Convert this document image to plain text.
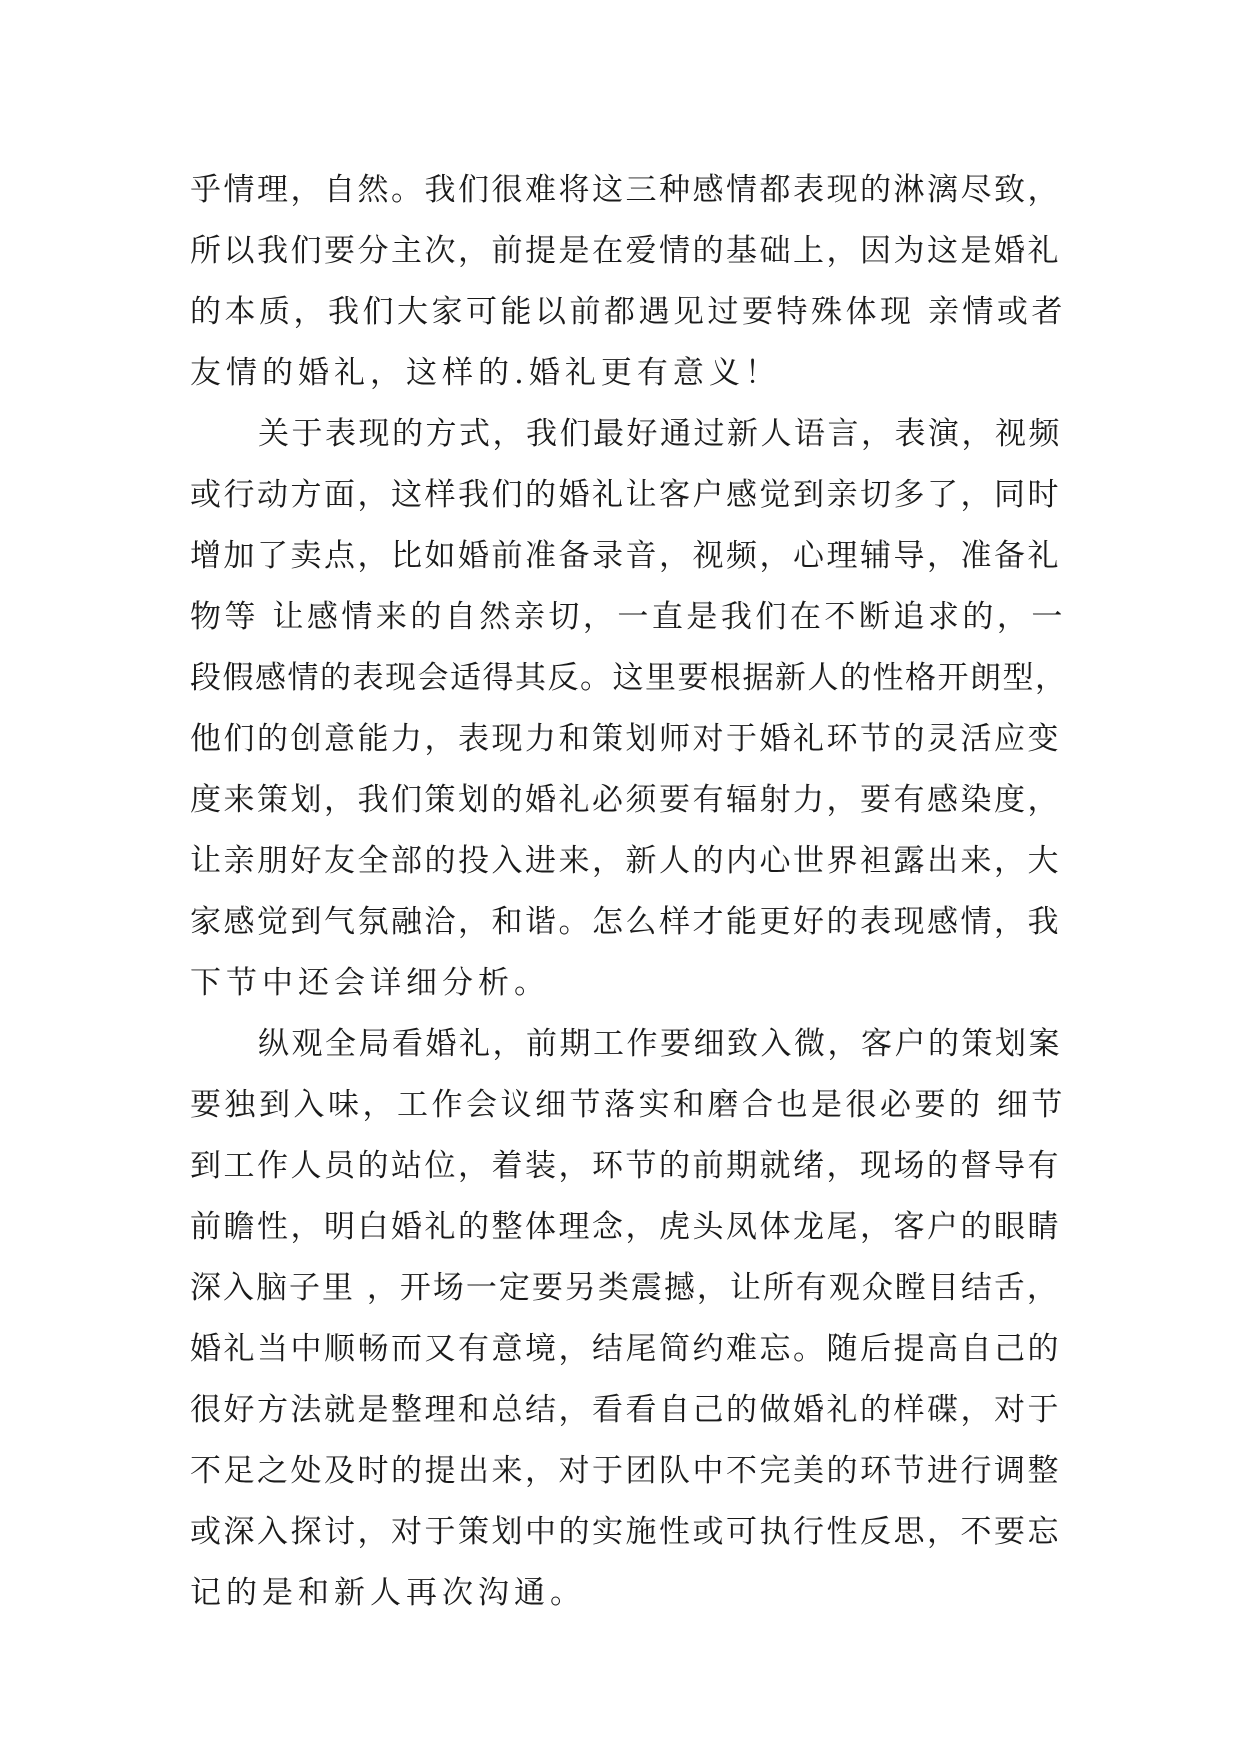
乎情理，自然。我们很难将这三种感情都表现的淋漓尽致，
所以我们要分主次，前提是在爱情的基础上，因为这是婚礼
的本质，我们大家可能以前都遇见过要特殊体现 亲情或者
友情的婚礼，这样的.婚礼更有意义！
关于表现的方式，我们最好通过新人语言，表演，视频
或行动方面，这样我们的婚礼让客户感觉到亲切多了，同时
增加了卖点，比如婚前准备录音，视频，心理辅导，准备礼
物等 让感情来的自然亲切，一直是我们在不断追求的，一
段假感情的表现会适得其反。这里要根据新人的性格开朗型，
他们的创意能力，表现力和策划师对于婚礼环节的灵活应变
度来策划，我们策划的婚礼必须要有辐射力，要有感染度，
让亲朋好友全部的投入进来，新人的内心世界袒露出来，大
家感觉到气氛融洽，和谐。怎么样才能更好的表现感情，我
下节中还会详细分析。
纵观全局看婚礼，前期工作要细致入微，客户的策划案
要独到入味，工作会议细节落实和磨合也是很必要的 细节
到工作人员的站位，着装，环节的前期就绪，现场的督导有
前瞻性，明白婚礼的整体理念，虎头凤体龙尾，客户的眼睛
深入脑子里 ，开场一定要另类震撼，让所有观众瞠目结舌，
婚礼当中顺畅而又有意境，结尾简约难忘。随后提高自己的
很好方法就是整理和总结，看看自己的做婚礼的样碟，对于
不足之处及时的提出来，对于团队中不完美的环节进行调整
或深入探讨，对于策划中的实施性或可执行性反思，不要忘
记的是和新人再次沟通。
